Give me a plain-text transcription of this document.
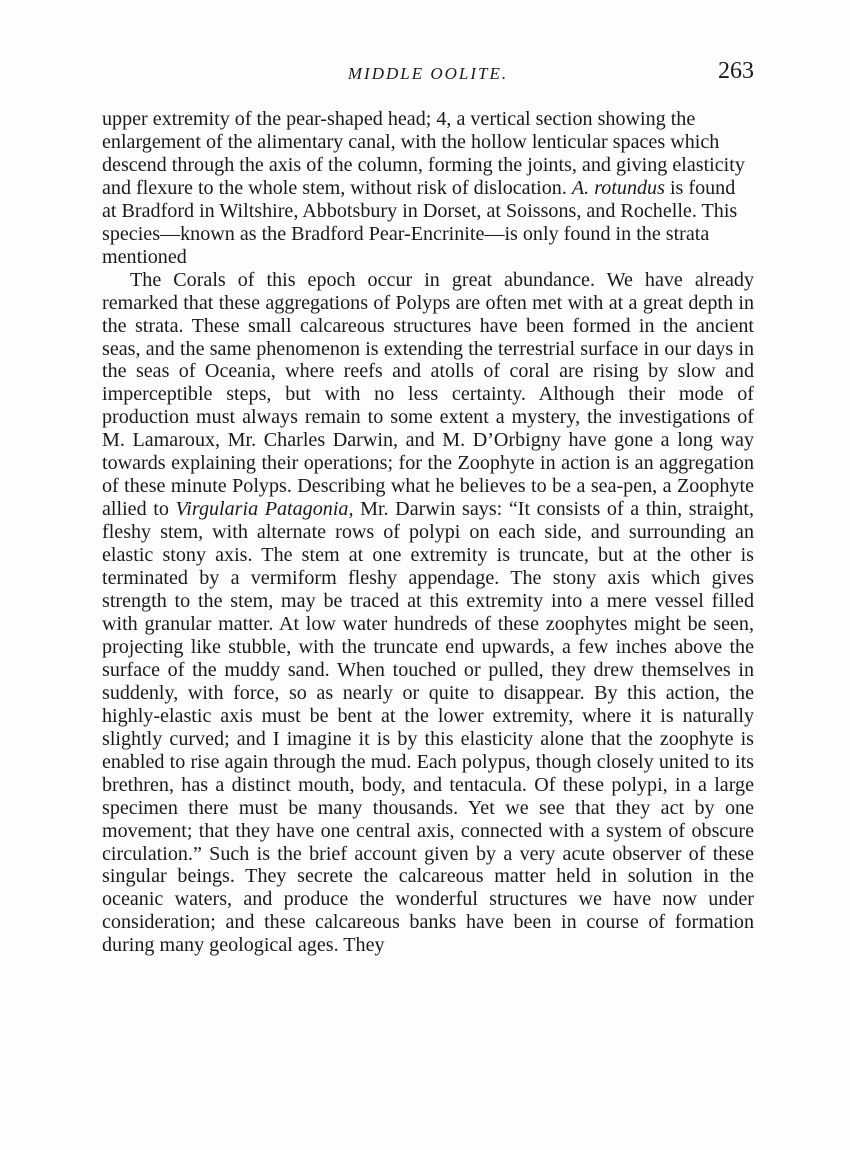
MIDDLE OOLITE.	263

upper extremity of the pear-shaped head; 4, a vertical section showing the enlargement of the alimentary canal, with the hollow lenticular spaces which descend through the axis of the column, forming the joints, and giving elasticity and flexure to the whole stem, without risk of dislocation. A. rotundus is found at Bradford in Wiltshire, Abbotsbury in Dorset, at Soissons, and Rochelle. This species—known as the Bradford Pear-Encrinite—is only found in the strata mentioned

The Corals of this epoch occur in great abundance. We have already remarked that these aggregations of Polyps are often met with at a great depth in the strata. These small calcareous structures have been formed in the ancient seas, and the same phenomenon is extending the terrestrial surface in our days in the seas of Oceania, where reefs and atolls of coral are rising by slow and imperceptible steps, but with no less certainty. Although their mode of production must always remain to some extent a mystery, the investigations of M. Lamaroux, Mr. Charles Darwin, and M. D’Orbigny have gone a long way towards explaining their operations; for the Zoophyte in action is an aggregation of these minute Polyps. Describing what he believes to be a sea-pen, a Zoophyte allied to Virgularia Patagonia, Mr. Darwin says: “It consists of a thin, straight, fleshy stem, with alternate rows of polypi on each side, and surrounding an elastic stony axis. The stem at one extremity is truncate, but at the other is terminated by a vermiform fleshy appendage. The stony axis which gives strength to the stem, may be traced at this extremity into a mere vessel filled with granular matter. At low water hundreds of these zoophytes might be seen, projecting like stubble, with the truncate end upwards, a few inches above the surface of the muddy sand. When touched or pulled, they drew themselves in suddenly, with force, so as nearly or quite to disappear. By this action, the highly-elastic axis must be bent at the lower extremity, where it is naturally slightly curved; and I imagine it is by this elasticity alone that the zoophyte is enabled to rise again through the mud. Each polypus, though closely united to its brethren, has a distinct mouth, body, and tentacula. Of these polypi, in a large specimen there must be many thousands. Yet we see that they act by one movement; that they have one central axis, connected with a system of obscure circulation.” Such is the brief account given by a very acute observer of these singular beings. They secrete the calcareous matter held in solution in the oceanic waters, and produce the wonderful structures we have now under consideration; and these calcareous banks have been in course of formation during many geological ages. They
